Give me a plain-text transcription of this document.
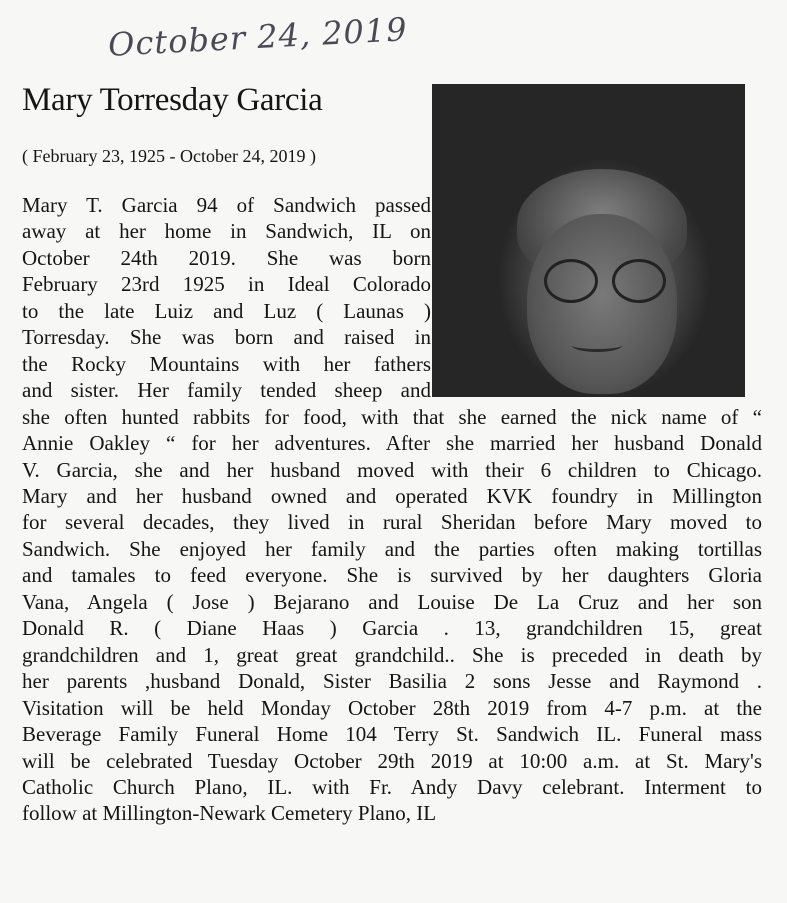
October 24, 2019
Mary Torresday Garcia
( February 23, 1925 - October 24, 2019 )
Mary T. Garcia 94 of Sandwich passed
away at her home in Sandwich, IL on
October 24th 2019. She was born
February 23rd 1925 in Ideal Colorado
to the late Luiz and Luz ( Launas )
Torresday. She was born and raised in
the Rocky Mountains with her fathers
and sister. Her family tended sheep and
she often hunted rabbits for food, with that she earned the nick name of “
Annie Oakley “ for her adventures. After she married her husband Donald
V. Garcia, she and her husband moved with their 6 children to Chicago.
Mary and her husband owned and operated KVK foundry in Millington
for several decades, they lived in rural Sheridan before Mary moved to
Sandwich. She enjoyed her family and the parties often making tortillas
and tamales to feed everyone. She is survived by her daughters Gloria
Vana, Angela ( Jose ) Bejarano and Louise De La Cruz and her son
Donald R. ( Diane Haas ) Garcia . 13, grandchildren 15, great
grandchildren and 1, great great grandchild.. She is preceded in death by
her parents ,husband Donald, Sister Basilia 2 sons Jesse and Raymond .
Visitation will be held Monday October 28th 2019 from 4-7 p.m. at the
Beverage Family Funeral Home 104 Terry St. Sandwich IL. Funeral mass
will be celebrated Tuesday October 29th 2019 at 10:00 a.m. at St. Mary's
Catholic Church Plano, IL. with Fr. Andy Davy celebrant. Interment to
follow at Millington-Newark Cemetery Plano, IL
